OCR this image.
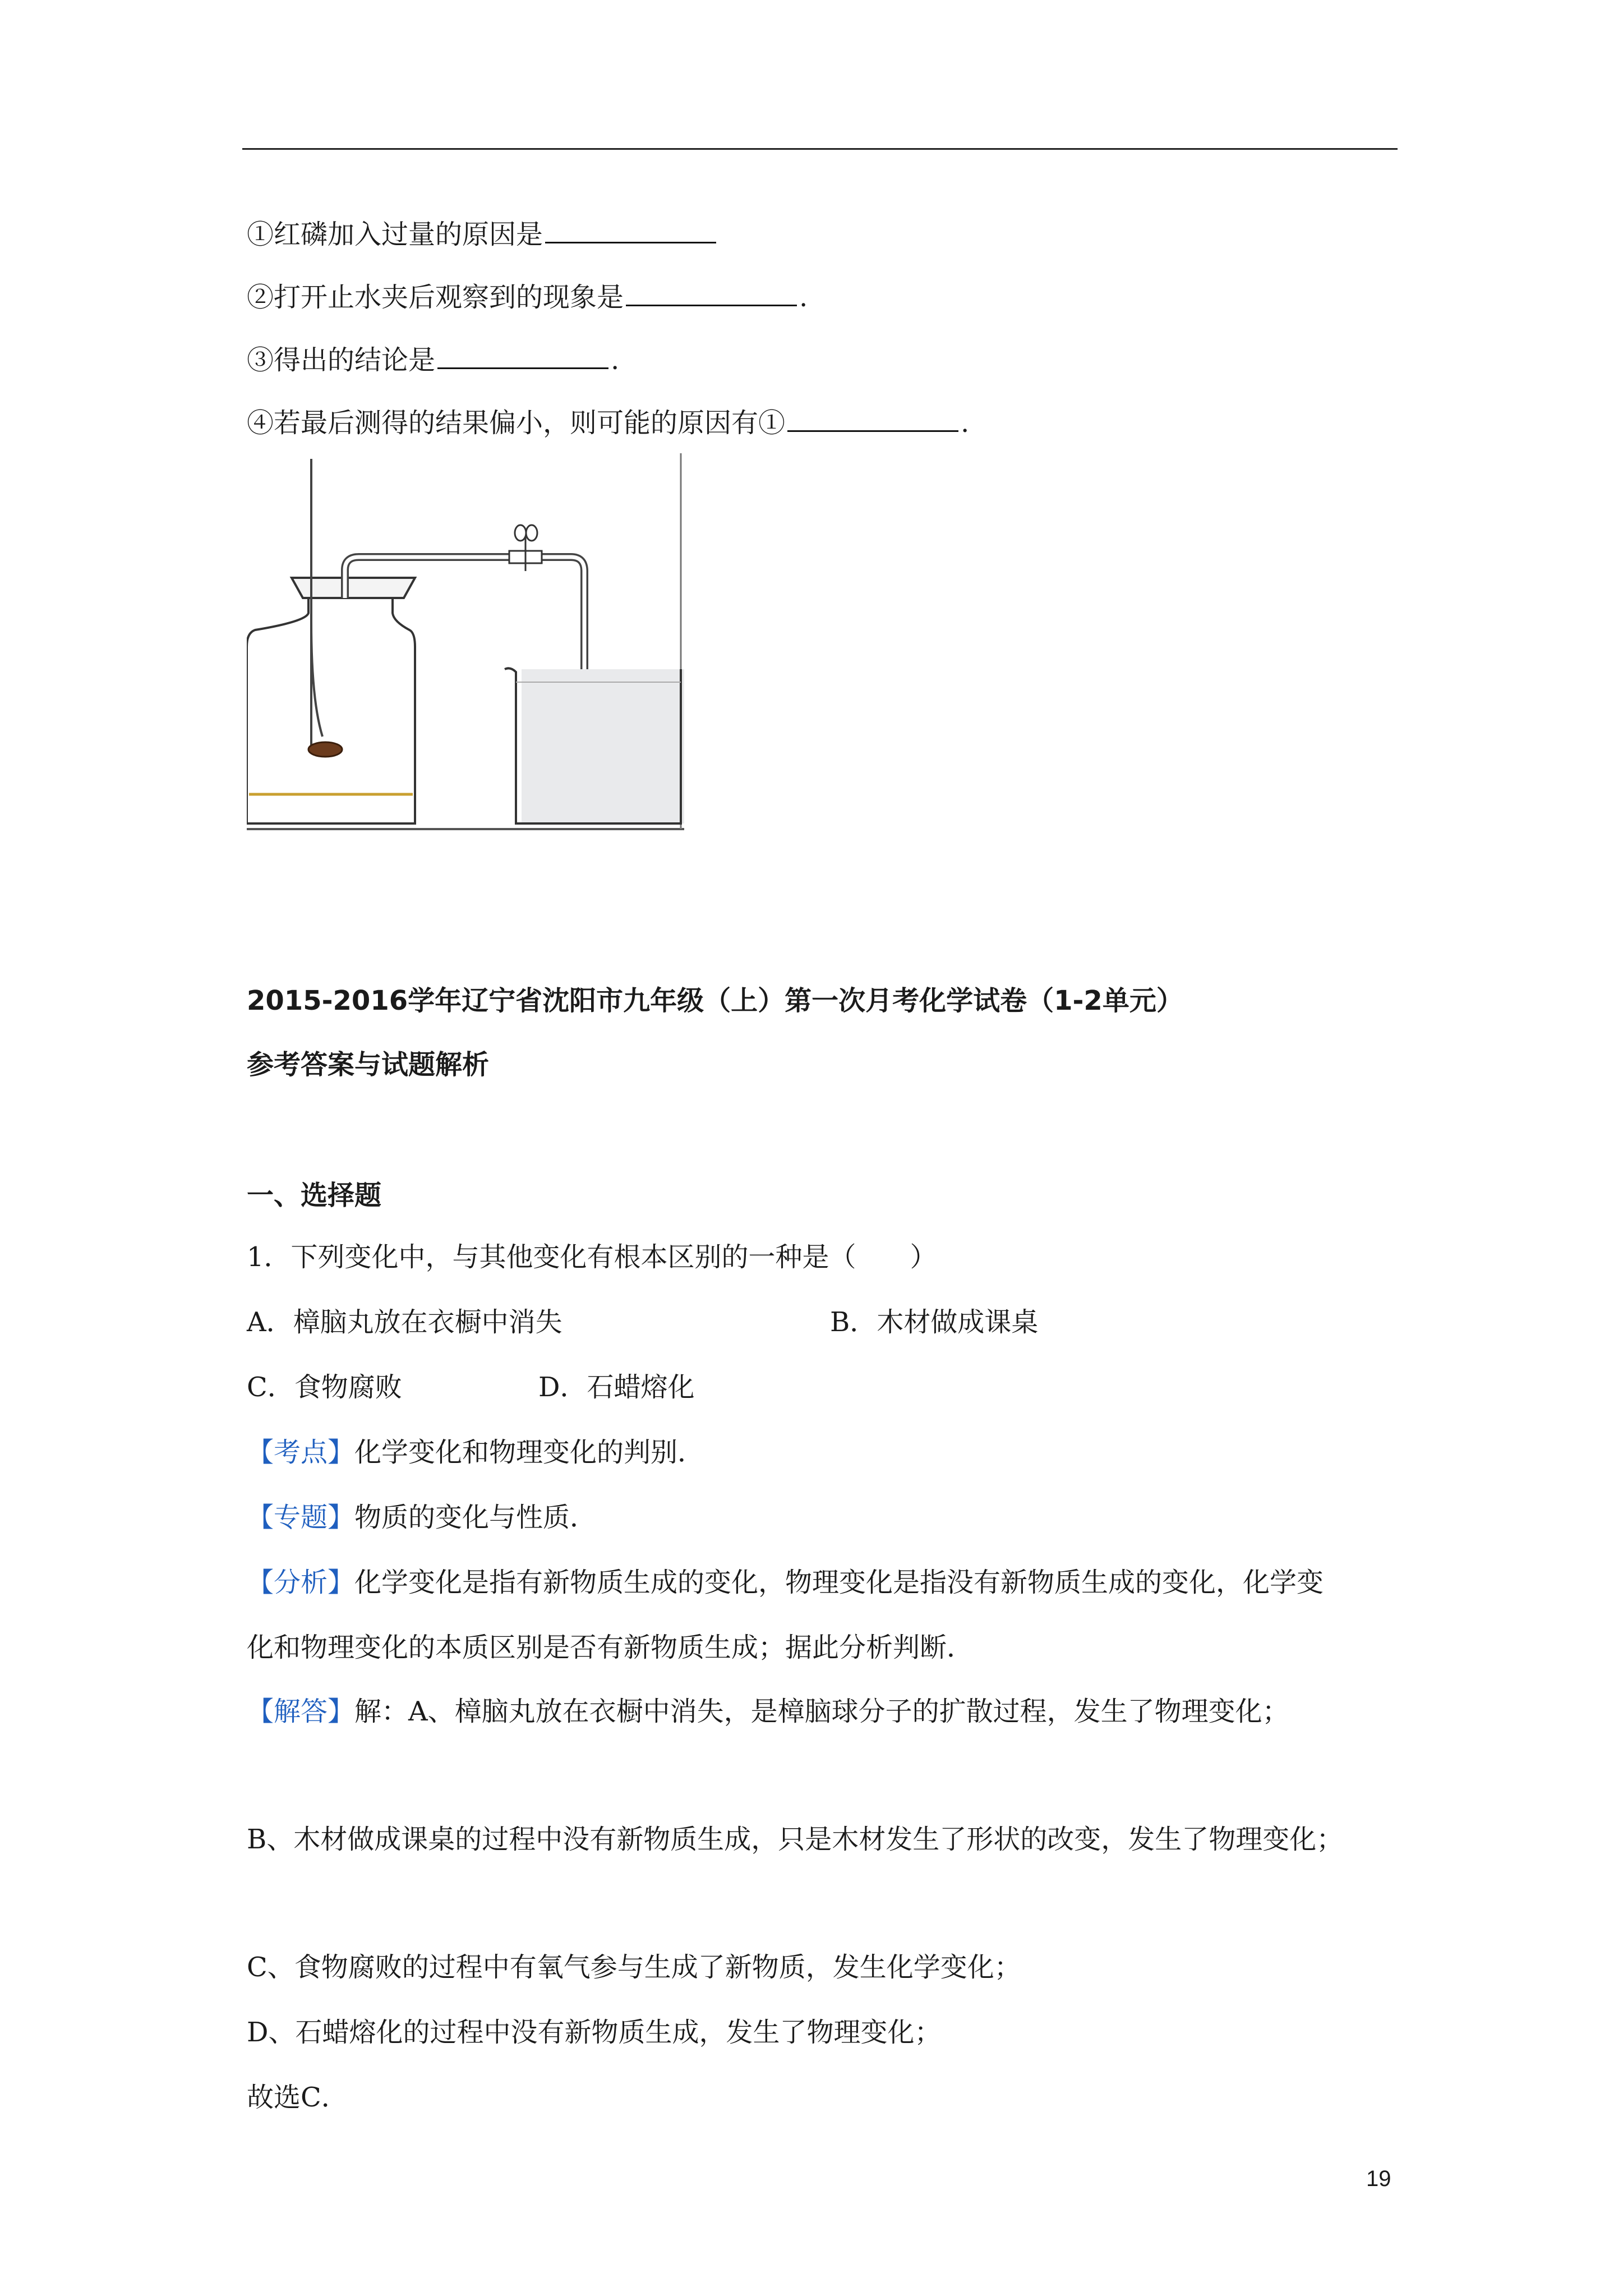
①红磷加入过量的原因是
②打开止水夹后观察到的现象是	.
③得出的结论是	.
④若最后测得的结果偏小，则可能的原因有①	.
2015-2016学年辽宁省沈阳市九年级（上）第一次月考化学试卷（1-2单元）
参考答案与试题解析
一、选择题
1．下列变化中，与其他变化有根本区别的一种是（　　）
A．樟脑丸放在衣橱中消失	B．木材做成课桌
C．食物腐败	D．石蜡熔化
【考点】化学变化和物理变化的判别．
【专题】物质的变化与性质．
【分析】化学变化是指有新物质生成的变化，物理变化是指没有新物质生成的变化，化学变
化和物理变化的本质区别是否有新物质生成；据此分析判断．
【解答】解：A、樟脑丸放在衣橱中消失，是樟脑球分子的扩散过程，发生了物理变化；
B、木材做成课桌的过程中没有新物质生成，只是木材发生了形状的改变，发生了物理变化；
C、食物腐败的过程中有氧气参与生成了新物质，发生化学变化；
D、石蜡熔化的过程中没有新物质生成，发生了物理变化；
故选C．
19
